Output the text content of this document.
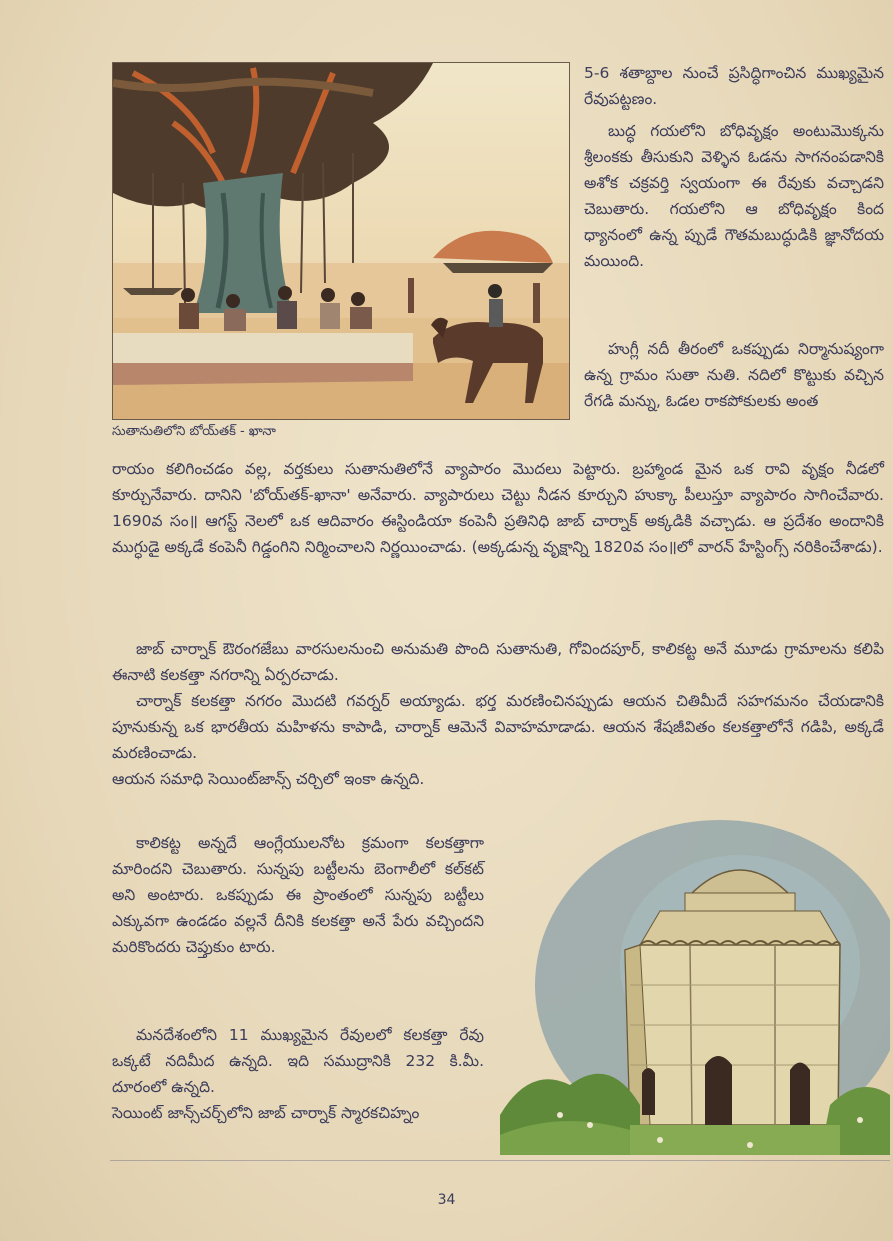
సుతానుతిలోని బోయ్‌తక్ - ఖానా

5-6 శతాబ్దాల నుంచే ప్రసిద్ధిగాంచిన ముఖ్యమైన రేవుపట్టణం.

బుద్ధ గయలోని బోధివృక్షం అంటుమొక్కను శ్రీలంకకు తీసుకుని వెళ్ళిన ఓడను సాగనంపడానికి అశోక చక్రవర్తి స్వయంగా ఈ రేవుకు వచ్చాడని చెబుతారు. గయలోని ఆ బోధివృక్షం కింద ధ్యానంలో ఉన్న ప్పుడే గౌతమబుద్ధుడికి జ్ఞానోదయ మయింది.

హుగ్లీ నదీ తీరంలో ఒకప్పుడు నిర్మానుష్యంగా ఉన్న గ్రామం సుతా నుతి. నదిలో కొట్టుకు వచ్చిన రేగడి మన్ను, ఓడల రాకపోకులకు అంత

రాయం కలిగించడం వల్ల, వర్తకులు సుతానుతిలోనే వ్యాపారం మొదలు పెట్టారు. బ్రహ్మాండ మైన ఒక రావి వృక్షం నీడలో కూర్చునేవారు. దానిని 'బోయ్‌తక్-ఖానా' అనేవారు. వ్యాపారులు చెట్టు నీడన కూర్చుని హుక్కా పీలుస్తూ వ్యాపారం సాగించేవారు. 1690వ సం॥ ఆగస్ట్ నెలలో ఒక ఆదివారం ఈస్టిండియా కంపెనీ ప్రతినిధి జాబ్ చార్నాక్ అక్కడికి వచ్చాడు. ఆ ప్రదేశం అందానికి ముగ్ధుడై అక్కడే కంపెనీ గిడ్డంగిని నిర్మించాలని నిర్ణయించాడు. (అక్కడున్న వృక్షాన్ని 1820వ సం॥లో వారన్ హేస్టింగ్స్ నరికించేశాడు).

జాబ్ చార్నాక్ ఔరంగజేబు వారసులనుంచి అనుమతి పొంది సుతానుతి, గోవిందపూర్, కాలికట్ట అనే మూడు గ్రామాలను కలిపి ఈనాటి కలకత్తా నగరాన్ని ఏర్పరచాడు.

చార్నాక్ కలకత్తా నగరం మొదటి గవర్నర్ అయ్యాడు. భర్త మరణించినప్పుడు ఆయన చితిమీదే సహగమనం చేయడానికి పూనుకున్న ఒక భారతీయ మహిళను కాపాడి, చార్నాక్ ఆమెనే వివాహమాడాడు. ఆయన శేషజీవితం కలకత్తాలోనే గడిపి, అక్కడే మరణించాడు.

ఆయన సమాధి సెయింట్‌జాన్స్ చర్చిలో ఇంకా ఉన్నది.

కాలికట్ట అన్నదే ఆంగ్లేయులనోట క్రమంగా కలకత్తాగా మారిందని చెబుతారు. సున్నపు బట్టీలను బెంగాలీలో కల్‌కట్ అని అంటారు. ఒకప్పుడు ఈ ప్రాంతంలో సున్నపు బట్టీలు ఎక్కువగా ఉండడం వల్లనే దీనికి కలకత్తా అనే పేరు వచ్చిందని మరికొందరు చెప్తుకుం టారు.

మనదేశంలోని 11 ముఖ్యమైన రేవులలో కలకత్తా రేవు ఒక్కటే నదిమీద ఉన్నది. ఇది సముద్రానికి 232 కి.మీ. దూరంలో ఉన్నది.

సెయింట్ జాన్స్‌చర్చ్‌లోని జాబ్ చార్నాక్ స్మారకచిహ్నం

34
